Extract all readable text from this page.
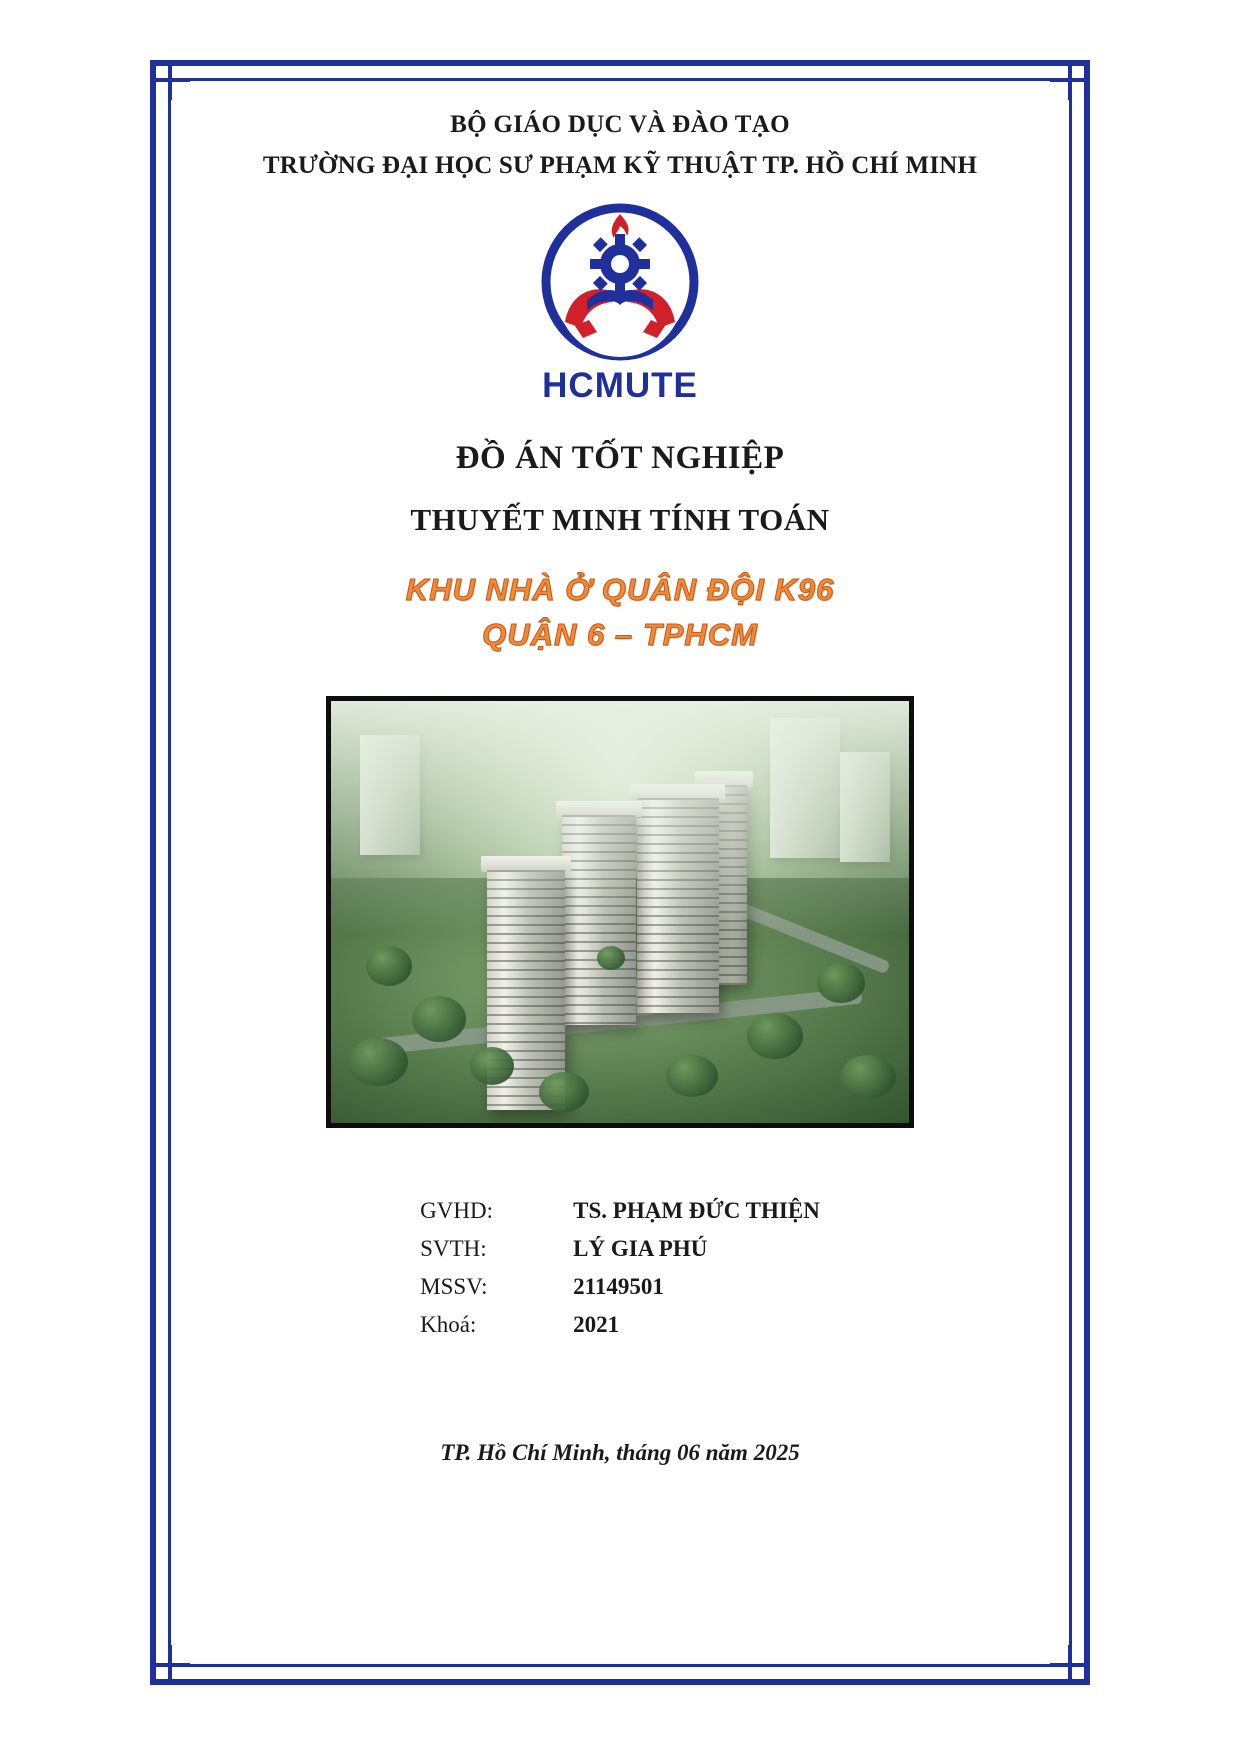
BỘ GIÁO DỤC VÀ ĐÀO TẠO
TRƯỜNG ĐẠI HỌC SƯ PHẠM KỸ THUẬT TP. HỒ CHÍ MINH
HCMUTE
ĐỒ ÁN TỐT NGHIỆP
THUYẾT MINH TÍNH TOÁN
KHU NHÀ Ở QUÂN ĐỘI K96
QUẬN 6 – TPHCM
GVHD:	TS. PHẠM ĐỨC THIỆN
SVTH:	LÝ GIA PHÚ
MSSV:	21149501
Khoá:	2021
TP. Hồ Chí Minh, tháng 06 năm 2025
